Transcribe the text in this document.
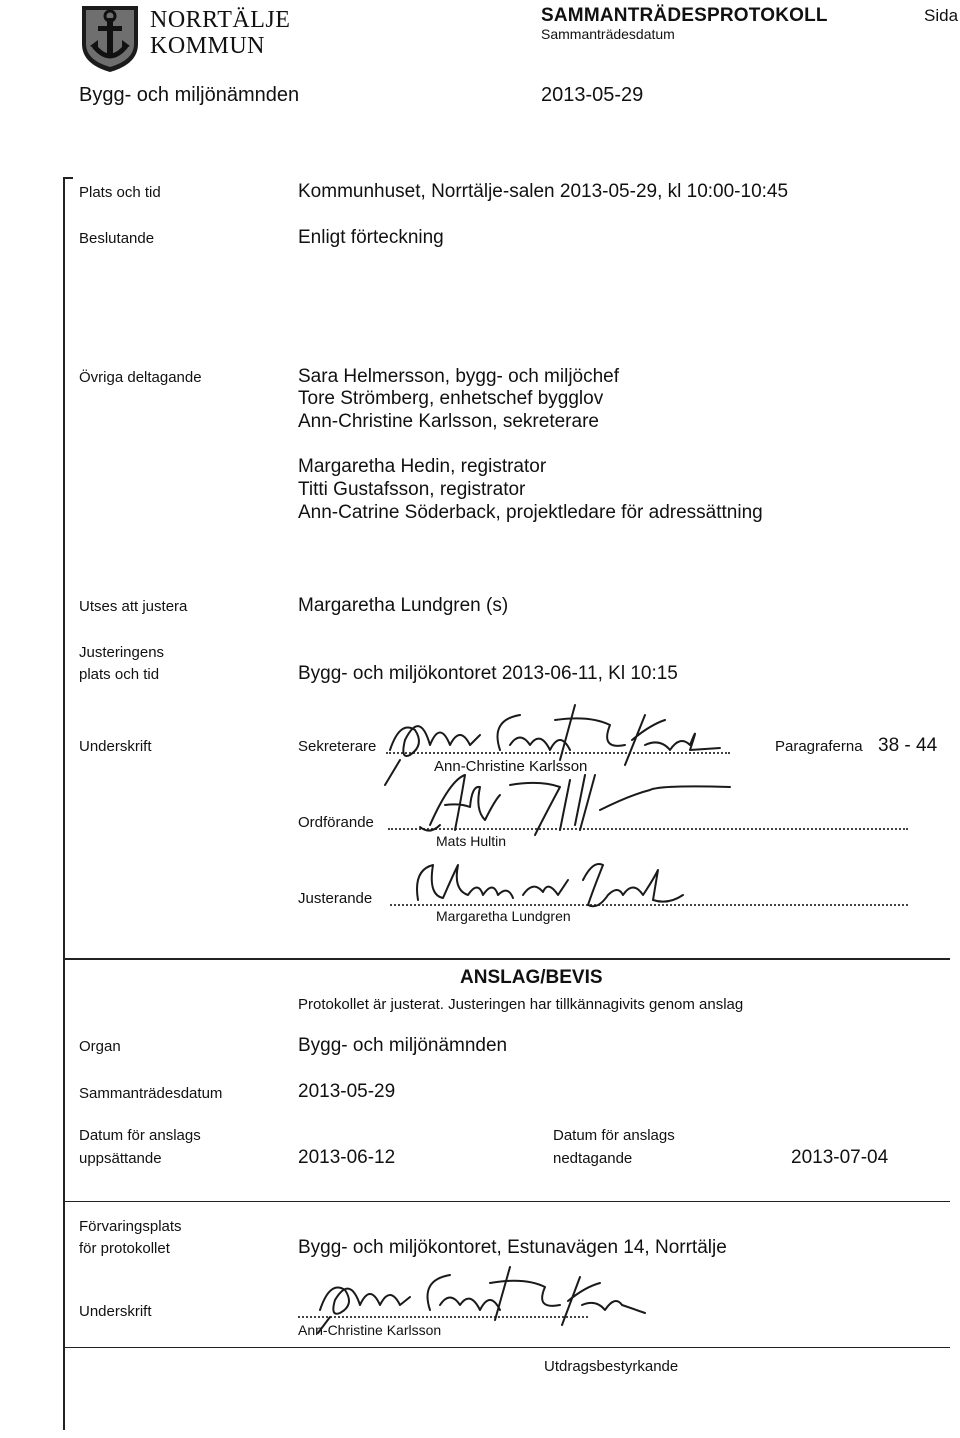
NORRTÄLJE
KOMMUN
SAMMANTRÄDESPROTOKOLL
Sammanträdesdatum
Sida
Bygg- och miljönämnden	2013-05-29
Plats och tid	Kommunhuset, Norrtälje-salen 2013-05-29, kl 10:00-10:45
Beslutande	Enligt förteckning
Övriga deltagande	Sara Helmersson, bygg- och miljöchef
Tore Strömberg, enhetschef bygglov
Ann-Christine Karlsson, sekreterare
Margaretha Hedin, registrator
Titti Gustafsson, registrator
Ann-Catrine Söderback, projektledare för adressättning
Utses att justera	Margaretha Lundgren (s)
Justeringens
plats och tid	Bygg- och miljökontoret 2013-06-11, Kl 10:15
Underskrift	Sekreterare
Ann-Christine Karlsson
Paragraferna 38 - 44
Ordförande
Mats Hultin
Justerande
Margaretha Lundgren
ANSLAG/BEVIS
Protokollet är justerat. Justeringen har tillkännagivits genom anslag
Organ	Bygg- och miljönämnden
Sammanträdesdatum	2013-05-29
Datum för anslags
uppsättande	2013-06-12
Datum för anslags
nedtagande	2013-07-04
Förvaringsplats
för protokollet	Bygg- och miljökontoret, Estunavägen 14, Norrtälje
Underskrift
Ann-Christine Karlsson
Utdragsbestyrkande
